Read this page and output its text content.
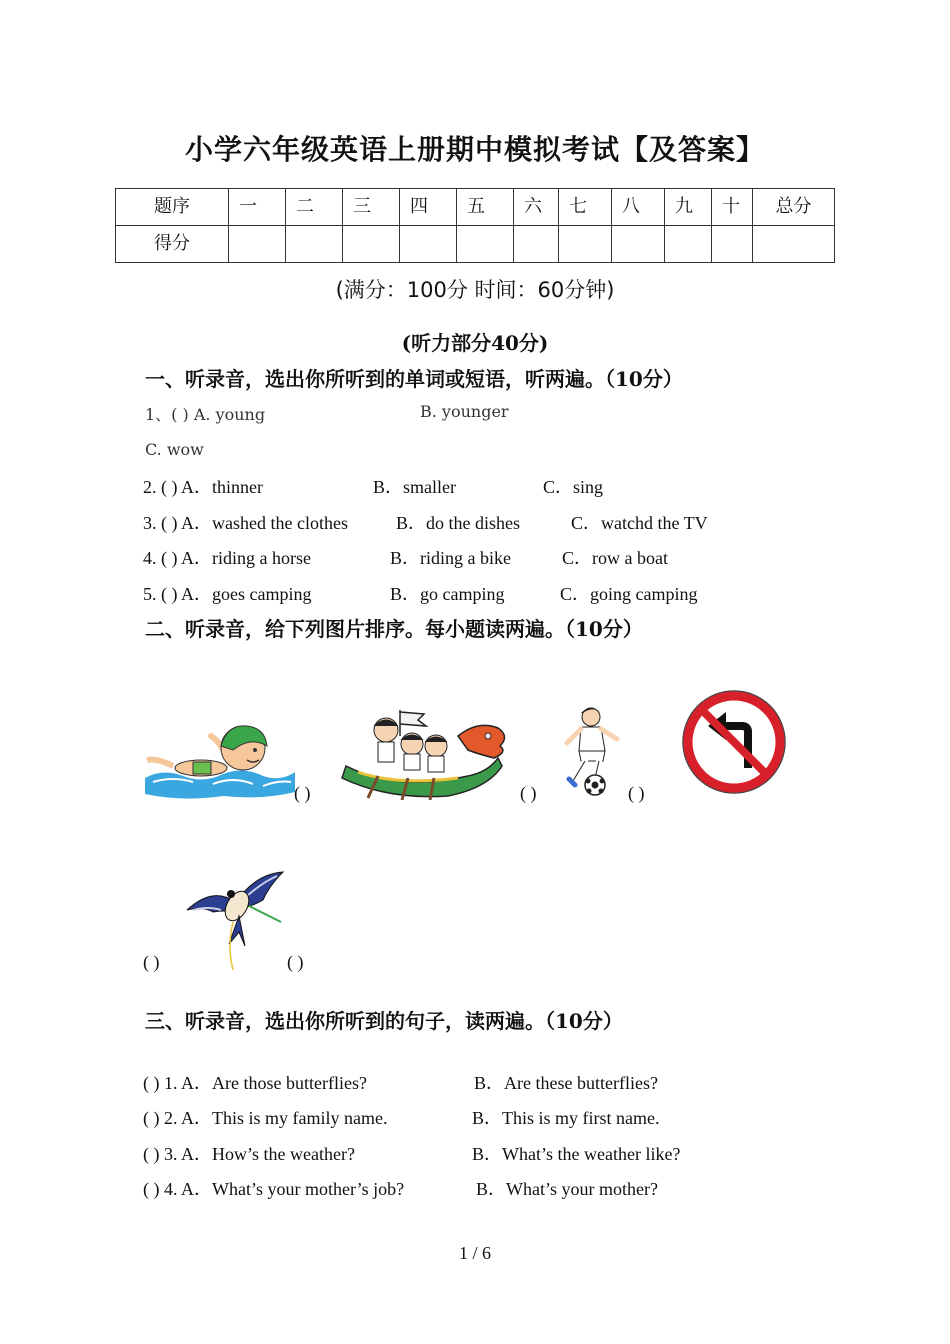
小学六年级英语上册期中模拟考试【及答案】
题序	一	二	三	四	五	六	七	八	九	十	总分

得分											

(满分：100分 时间：60分钟)
(听力部分40分)
一、听录音，选出你所听到的单词或短语，听两遍。（10分）
1、( ) A. young	B. younger
C. wow
2. ( ) A．thinner	B．smaller	C．sing
3. ( ) A．washed the clothes	B．do the dishes	C．watchd the TV
4. ( ) A．riding a horse	B．riding a bike	C．row a boat
5. ( ) A．goes camping	B．go camping	C．going camping
二、听录音，给下列图片排序。每小题读两遍。（10分）
( )	( )	( )
( )	( )
三、听录音，选出你所听到的句子，读两遍。（10分）
( ) 1. A．Are those butterflies?	B．Are these butterflies?
( ) 2. A．This is my family name.	B．This is my first name.
( ) 3. A．How’s the weather?	B．What’s the weather like?
( ) 4. A．What’s your mother’s job?	B．What’s your mother?
1 / 6
